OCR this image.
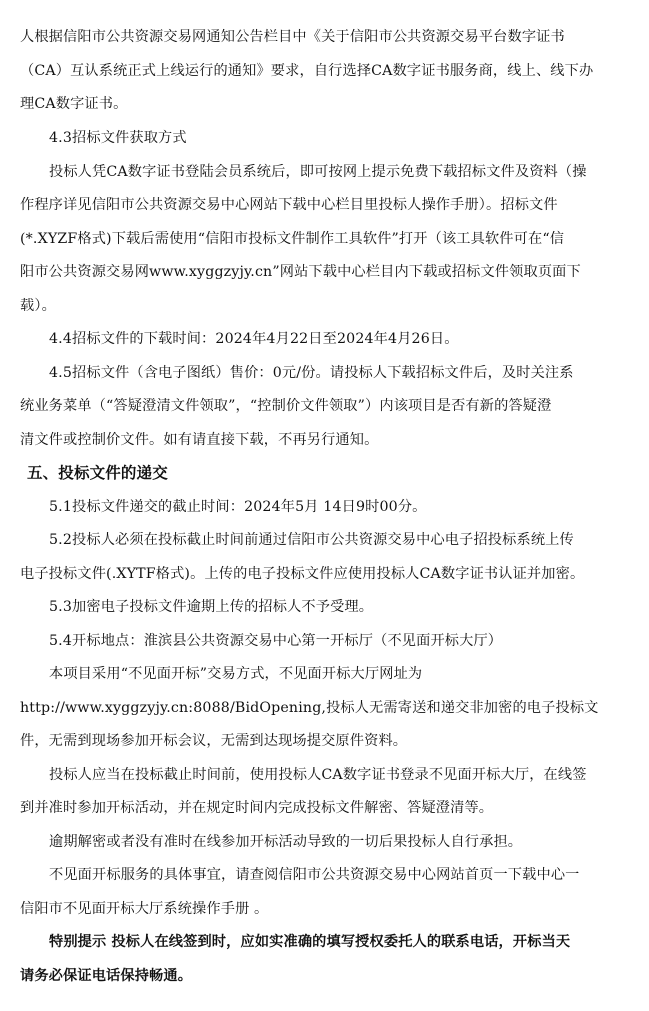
人根据信阳市公共资源交易网通知公告栏目中《关于信阳市公共资源交易平台数字证书
（CA）互认系统正式上线运行的通知》要求，自行选择CA数字证书服务商，线上、线下办
理CA数字证书。
4.3招标文件获取方式
投标人凭CA数字证书登陆会员系统后，即可按网上提示免费下载招标文件及资料（操
作程序详见信阳市公共资源交易中心网站下载中心栏目里投标人操作手册）。招标文件
(*.XYZF格式)下载后需使用“信阳市投标文件制作工具软件”打开（该工具软件可在“信
阳市公共资源交易网www.xyggzyjy.cn”网站下载中心栏目内下载或招标文件领取页面下
载）。
4.4招标文件的下载时间：2024年4月22日至2024年4月26日。
4.5招标文件（含电子图纸）售价：0元/份。请投标人下载招标文件后，及时关注系
统业务菜单（“答疑澄清文件领取”，“控制价文件领取”）内该项目是否有新的答疑澄
清文件或控制价文件。如有请直接下载，不再另行通知。
五、投标文件的递交
5.1投标文件递交的截止时间：2024年5月 14日9时00分。
5.2投标人必须在投标截止时间前通过信阳市公共资源交易中心电子招投标系统上传
电子投标文件(.XYTF格式)。上传的电子投标文件应使用投标人CA数字证书认证并加密。
5.3加密电子投标文件逾期上传的招标人不予受理。
5.4开标地点：淮滨县公共资源交易中心第一开标厅（不见面开标大厅）
本项目采用“不见面开标”交易方式，不见面开标大厅网址为
http://www.xyggzyjy.cn:8088/BidOpening,投标人无需寄送和递交非加密的电子投标文
件，无需到现场参加开标会议，无需到达现场提交原件资料。
投标人应当在投标截止时间前，使用投标人CA数字证书登录不见面开标大厅，在线签
到并准时参加开标活动，并在规定时间内完成投标文件解密、答疑澄清等。
逾期解密或者没有准时在线参加开标活动导致的一切后果投标人自行承担。
不见面开标服务的具体事宜，请查阅信阳市公共资源交易中心网站首页一下载中心一
信阳市不见面开标大厅系统操作手册 。
特别提示 投标人在线签到时，应如实准确的填写授权委托人的联系电话，开标当天
请务必保证电话保持畅通。
